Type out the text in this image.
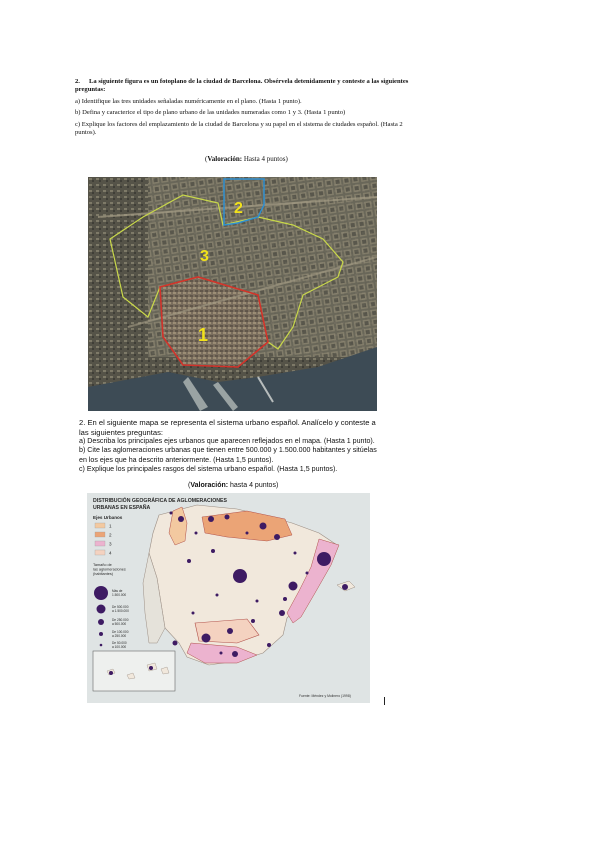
2. La siguiente figura es un fotoplano de la ciudad de Barcelona. Obsérvela detenidamente y conteste a las siguientes preguntas:

a) Identifique las tres unidades señaladas numéricamente en el plano. (Hasta 1 punto).

b) Defina y caracterice el tipo de plano urbano de las unidades numeradas como 1 y 3. (Hasta 1 punto)

c) Explique los factores del emplazamiento de la ciudad de Barcelona y su papel en el sistema de ciudades español. (Hasta 2 puntos).

(Valoración: Hasta 4 puntos)
1
2
3
2. En el siguiente mapa se representa el sistema urbano español. Analícelo y conteste a las siguientes preguntas:
a) Describa los principales ejes urbanos que aparecen reflejados en el mapa. (Hasta 1 punto).
b) Cite las aglomeraciones urbanas que tienen entre 500.000 y 1.500.000 habitantes y sitúelas en los ejes que ha descrito anteriormente. (Hasta 1,5 puntos).
c) Explique los principales rasgos del sistema urbano español. (Hasta 1,5 puntos).
(Valoración: hasta 4 puntos)
DISTRIBUCIÓN GEOGRÁFICA DE AGLOMERACIONES
URBANAS EN ESPAÑA
Ejes Urbanos
1
2
3
4
Tamaño de
las aglomeraciones
(habitantes)
Más de
1.500.000
De 500.000
a 1.500.000
De 250.000
a 500.000
De 100.000
a 250.000
De 50.000
a 100.000
Fuente: Méndez y Molinero (1998)
